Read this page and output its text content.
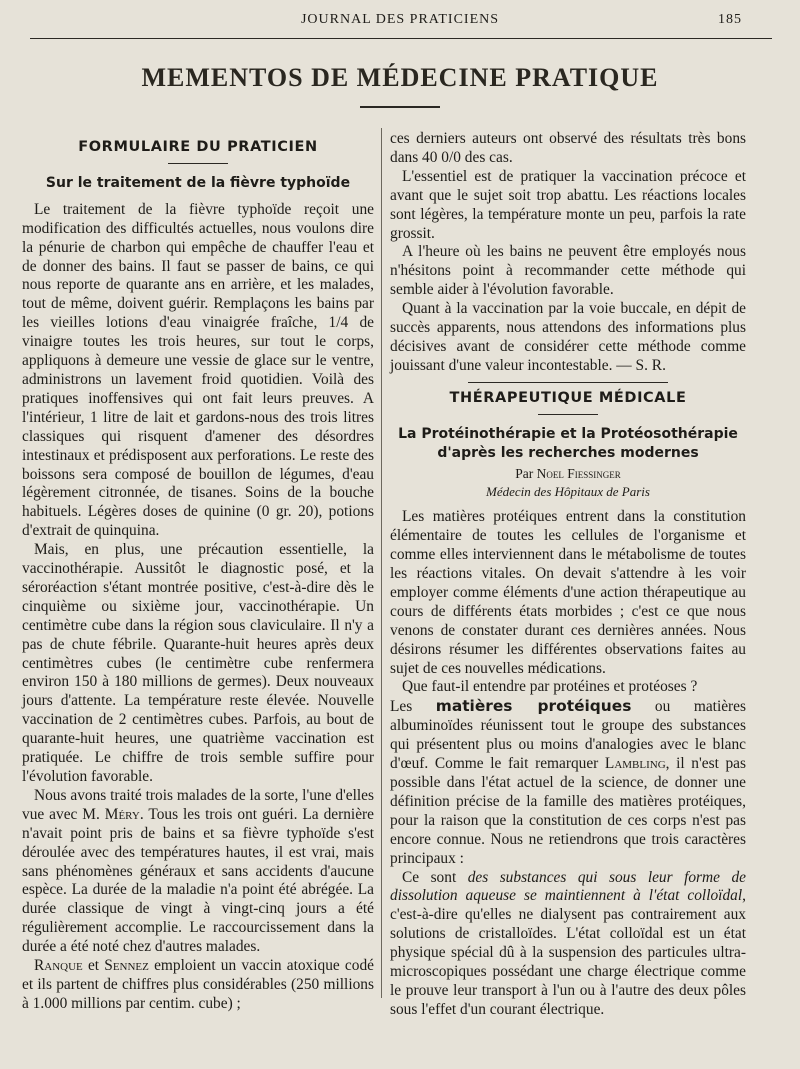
JOURNAL DES PRATICIENS	185
MEMENTOS DE MÉDECINE PRATIQUE
FORMULAIRE DU PRATICIEN
Sur le traitement de la fièvre typhoïde

Le traitement de la fièvre typhoïde reçoit une modification des difficultés actuelles, nous voulons dire la pénurie de charbon qui empêche de chauffer l'eau et de donner des bains. Il faut se passer de bains, ce qui nous reporte de quarante ans en arrière, et les malades, tout de même, doivent guérir. Remplaçons les bains par les vieilles lotions d'eau vinaigrée fraîche, 1/4 de vinaigre toutes les trois heures, sur tout le corps, appliquons à demeure une vessie de glace sur le ventre, administrons un lavement froid quotidien. Voilà des pratiques inoffensives qui ont fait leurs preuves. A l'intérieur, 1 litre de lait et gardons-nous des trois litres classiques qui risquent d'amener des désordres intestinaux et prédisposent aux perforations. Le reste des boissons sera composé de bouillon de légumes, d'eau légèrement citronnée, de tisanes. Soins de la bouche habituels. Légères doses de quinine (0 gr. 20), potions d'extrait de quinquina.

Mais, en plus, une précaution essentielle, la vaccinothérapie. Aussitôt le diagnostic posé, et la séroréaction s'étant montrée positive, c'est-à-dire dès le cinquième ou sixième jour, vaccinothérapie. Un centimètre cube dans la région sous claviculaire. Il n'y a pas de chute fébrile. Quarante-huit heures après deux centimètres cubes (le centimètre cube renfermera environ 150 à 180 millions de germes). Deux nouveaux jours d'attente. La température reste élevée. Nouvelle vaccination de 2 centimètres cubes. Parfois, au bout de quarante-huit heures, une quatrième vaccination est pratiquée. Le chiffre de trois semble suffire pour l'évolution favorable.

Nous avons traité trois malades de la sorte, l'une d'elles vue avec M. Méry. Tous les trois ont guéri. La dernière n'avait point pris de bains et sa fièvre typhoïde s'est déroulée avec des températures hautes, il est vrai, mais sans phénomènes généraux et sans accidents d'aucune espèce. La durée de la maladie n'a point été abrégée. La durée classique de vingt à vingt-cinq jours a été régulièrement accomplie. Le raccourcissement dans la durée a été noté chez d'autres malades.

Ranque et Sennez emploient un vaccin atoxique codé et ils partent de chiffres plus considérables (250 millions à 1.000 millions par centim. cube) ;

ces derniers auteurs ont observé des résultats très bons dans 40 0/0 des cas.

L'essentiel est de pratiquer la vaccination précoce et avant que le sujet soit trop abattu. Les réactions locales sont légères, la température monte un peu, parfois la rate grossit.

A l'heure où les bains ne peuvent être employés nous n'hésitons point à recommander cette méthode qui semble aider à l'évolution favorable.

Quant à la vaccination par la voie buccale, en dépit de succès apparents, nous attendons des informations plus décisives avant de considérer cette méthode comme jouissant d'une valeur incontestable. — S. R.

THÉRAPEUTIQUE MÉDICALE
La Protéinothérapie et la Protéosothérapie
d'après les recherches modernes
Par Noel Fiessinger
Médecin des Hôpitaux de Paris

Les matières protéiques entrent dans la constitution élémentaire de toutes les cellules de l'organisme et comme elles interviennent dans le métabolisme de toutes les réactions vitales. On devait s'attendre à les voir employer comme éléments d'une action thérapeutique au cours de différents états morbides ; c'est ce que nous venons de constater durant ces dernières années. Nous désirons résumer les différentes observations faites au sujet de ces nouvelles médications.

Que faut-il entendre par protéines et protéoses ?

Les matières protéiques ou matières albuminoïdes réunissent tout le groupe des substances qui présentent plus ou moins d'analogies avec le blanc d'œuf. Comme le fait remarquer Lambling, il n'est pas possible dans l'état actuel de la science, de donner une définition précise de la famille des matières protéiques, pour la raison que la constitution de ces corps n'est pas encore connue. Nous ne retiendrons que trois caractères principaux :

Ce sont des substances qui sous leur forme de dissolution aqueuse se maintiennent à l'état colloïdal, c'est-à-dire qu'elles ne dialysent pas contrairement aux solutions de cristalloïdes. L'état colloïdal est un état physique spécial dû à la suspension des particules ultra-microscopiques possédant une charge électrique comme le prouve leur transport à l'un ou à l'autre des deux pôles sous l'effet d'un courant électrique.
